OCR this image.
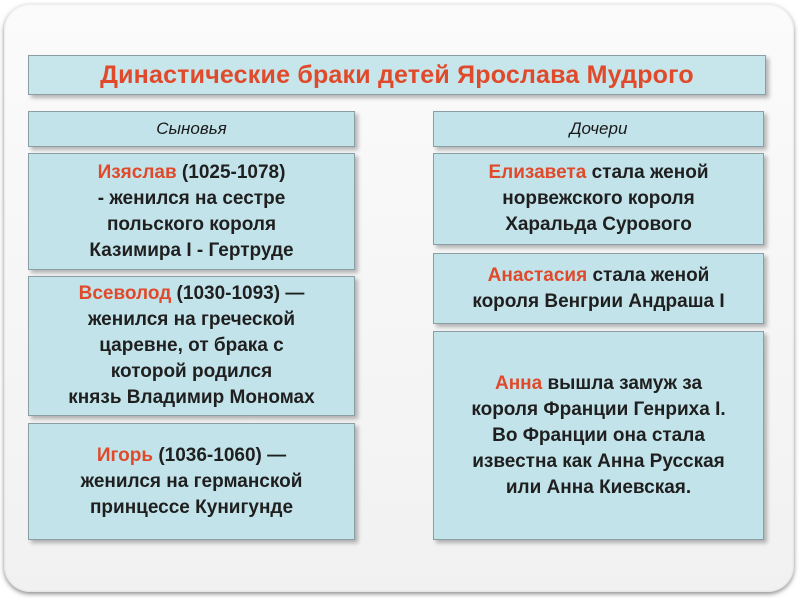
Династические браки детей Ярослава Мудрого
Сыновья	Дочери
Изяслав (1025-1078)
- женился на сестре
польского короля
Казимира I - Гертруде
Всеволод (1030-1093) —
женился на греческой
царевне, от брака с
которой родился
князь Владимир Мономах
Игорь (1036-1060) —
женился на германской
принцессе Кунигунде
Елизавета стала женой
норвежского короля
Харальда Сурового
Анастасия стала женой
короля Венгрии Андраша I
Анна вышла замуж за
короля Франции Генриха I.
Во Франции она стала
известна как Анна Русская
или Анна Киевская.
